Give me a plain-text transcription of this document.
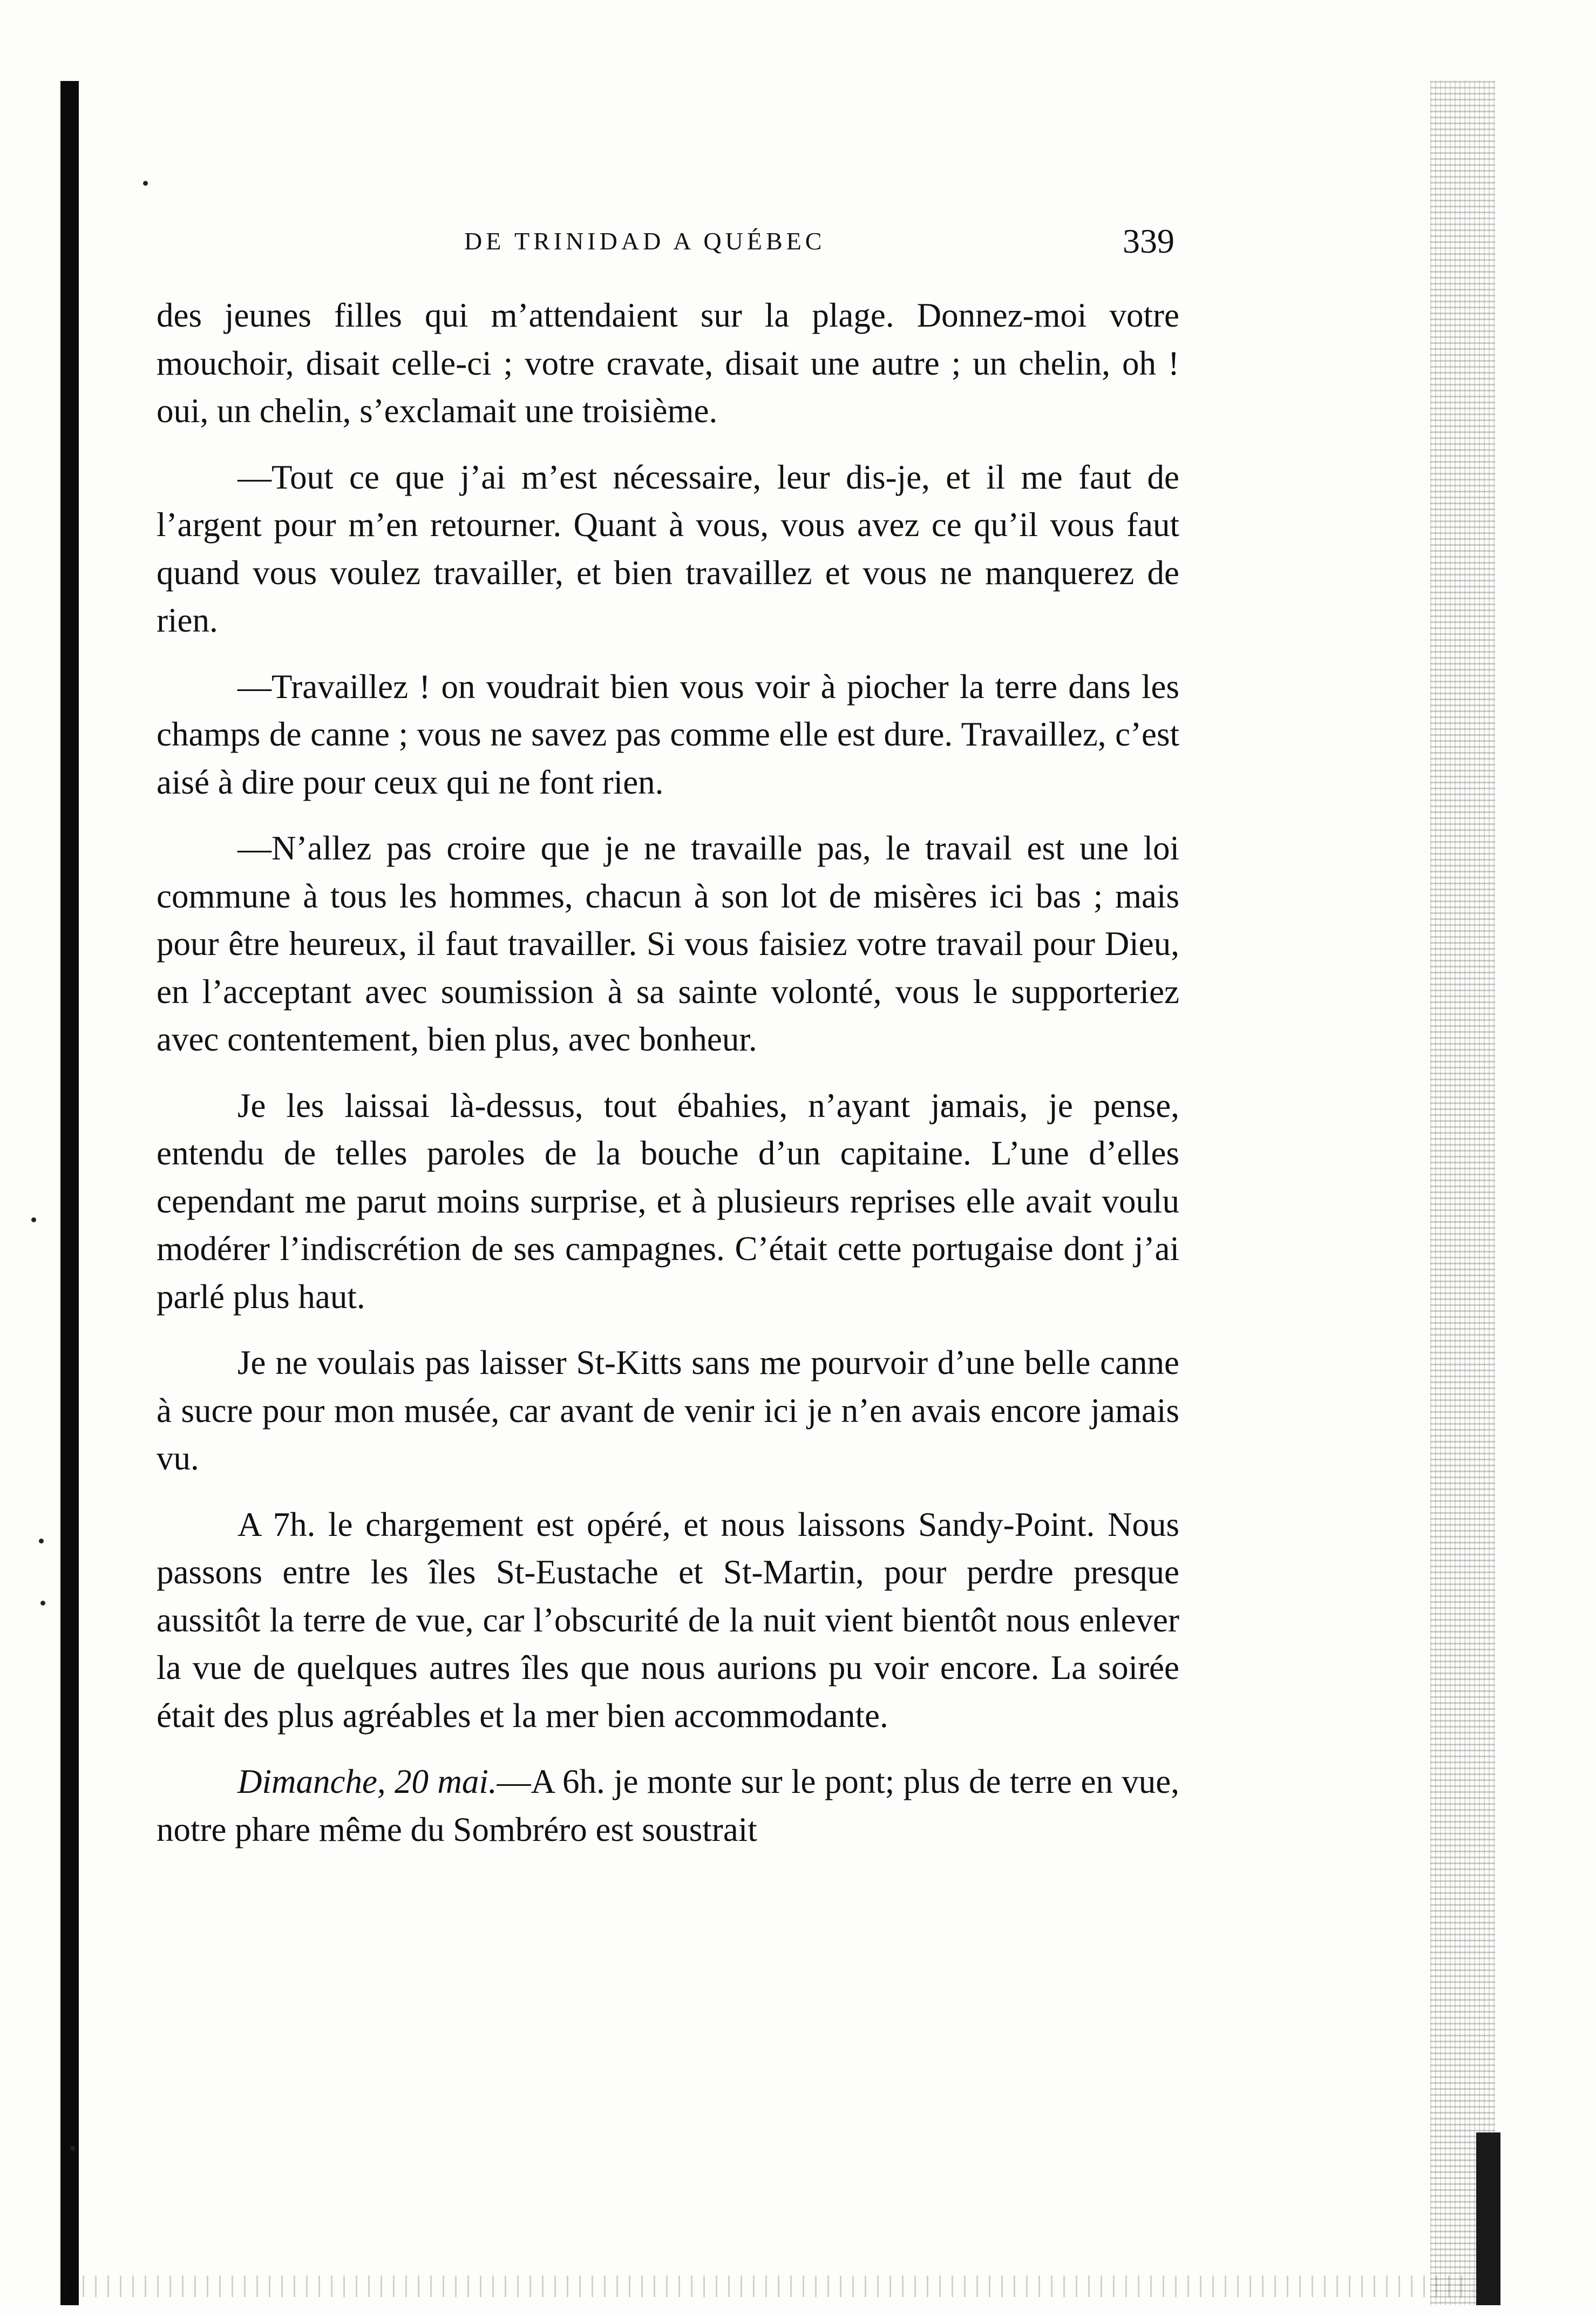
DE TRINIDAD A QUÉBEC	339

des jeunes filles qui m’attendaient sur la plage. Donnez-moi votre mouchoir, disait celle-ci ; votre cravate, disait une autre ; un chelin, oh ! oui, un chelin, s’exclamait une troisième.

—Tout ce que j’ai m’est nécessaire, leur dis-je, et il me faut de l’argent pour m’en retourner. Quant à vous, vous avez ce qu’il vous faut quand vous voulez travailler, et bien travaillez et vous ne manquerez de rien.

—Travaillez ! on voudrait bien vous voir à piocher la terre dans les champs de canne ; vous ne savez pas comme elle est dure. Travaillez, c’est aisé à dire pour ceux qui ne font rien.

—N’allez pas croire que je ne travaille pas, le travail est une loi commune à tous les hommes, chacun à son lot de misères ici bas ; mais pour être heureux, il faut travailler. Si vous faisiez votre travail pour Dieu, en l’acceptant avec soumission à sa sainte volonté, vous le supporteriez avec contentement, bien plus, avec bonheur.

Je les laissai là-dessus, tout ébahies, n’ayant jamais, je pense, entendu de telles paroles de la bouche d’un capitaine. L’une d’elles cependant me parut moins surprise, et à plusieurs reprises elle avait voulu modérer l’indiscrétion de ses campagnes. C’était cette portugaise dont j’ai parlé plus haut.

Je ne voulais pas laisser St-Kitts sans me pourvoir d’une belle canne à sucre pour mon musée, car avant de venir ici je n’en avais encore jamais vu.

A 7h. le chargement est opéré, et nous laissons Sandy-Point. Nous passons entre les îles St-Eustache et St-Martin, pour perdre presque aussitôt la terre de vue, car l’obscurité de la nuit vient bientôt nous enlever la vue de quelques autres îles que nous aurions pu voir encore. La soirée était des plus agréables et la mer bien accommodante.

Dimanche, 20 mai.—A 6h. je monte sur le pont; plus de terre en vue, notre phare même du Sombréro est soustrait
